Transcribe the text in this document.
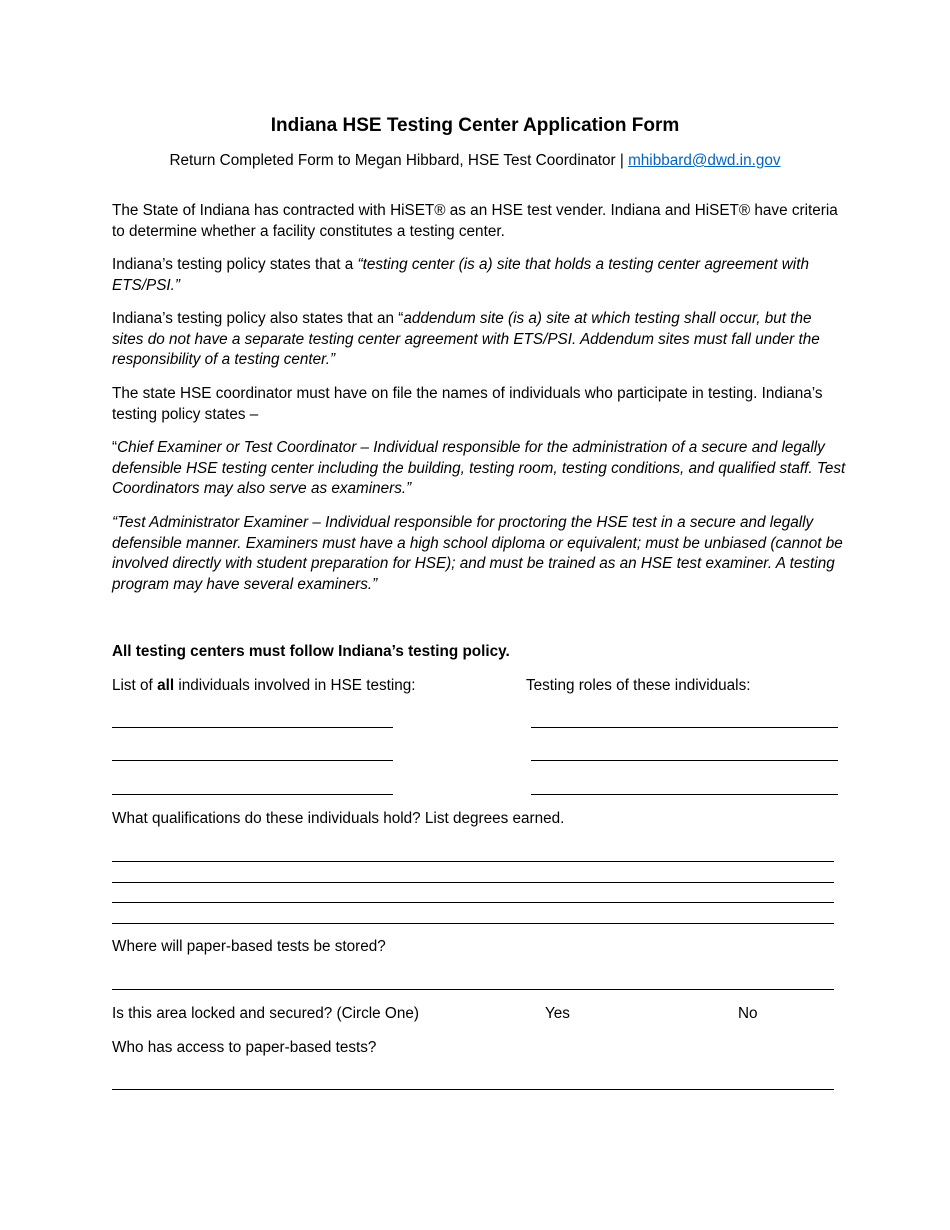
Indiana HSE Testing Center Application Form
Return Completed Form to Megan Hibbard, HSE Test Coordinator | mhibbard@dwd.in.gov
The State of Indiana has contracted with HiSET® as an HSE test vender. Indiana and HiSET® have criteria to determine whether a facility constitutes a testing center.
Indiana’s testing policy states that a “testing center (is a) site that holds a testing center agreement with ETS/PSI.”
Indiana’s testing policy also states that an “addendum site (is a) site at which testing shall occur, but the sites do not have a separate testing center agreement with ETS/PSI. Addendum sites must fall under the responsibility of a testing center.”
The state HSE coordinator must have on file the names of individuals who participate in testing. Indiana’s testing policy states –
“Chief Examiner or Test Coordinator – Individual responsible for the administration of a secure and legally defensible HSE testing center including the building, testing room, testing conditions, and qualified staff. Test Coordinators may also serve as examiners.”
“Test Administrator Examiner – Individual responsible for proctoring the HSE test in a secure and legally defensible manner. Examiners must have a high school diploma or equivalent; must be unbiased (cannot be involved directly with student preparation for HSE); and must be trained as an HSE test examiner. A testing program may have several examiners.”
All testing centers must follow Indiana’s testing policy.
List of all individuals involved in HSE testing:	Testing roles of these individuals:
What qualifications do these individuals hold? List degrees earned.
Where will paper-based tests be stored?
Is this area locked and secured? (Circle One)	Yes	No
Who has access to paper-based tests?
